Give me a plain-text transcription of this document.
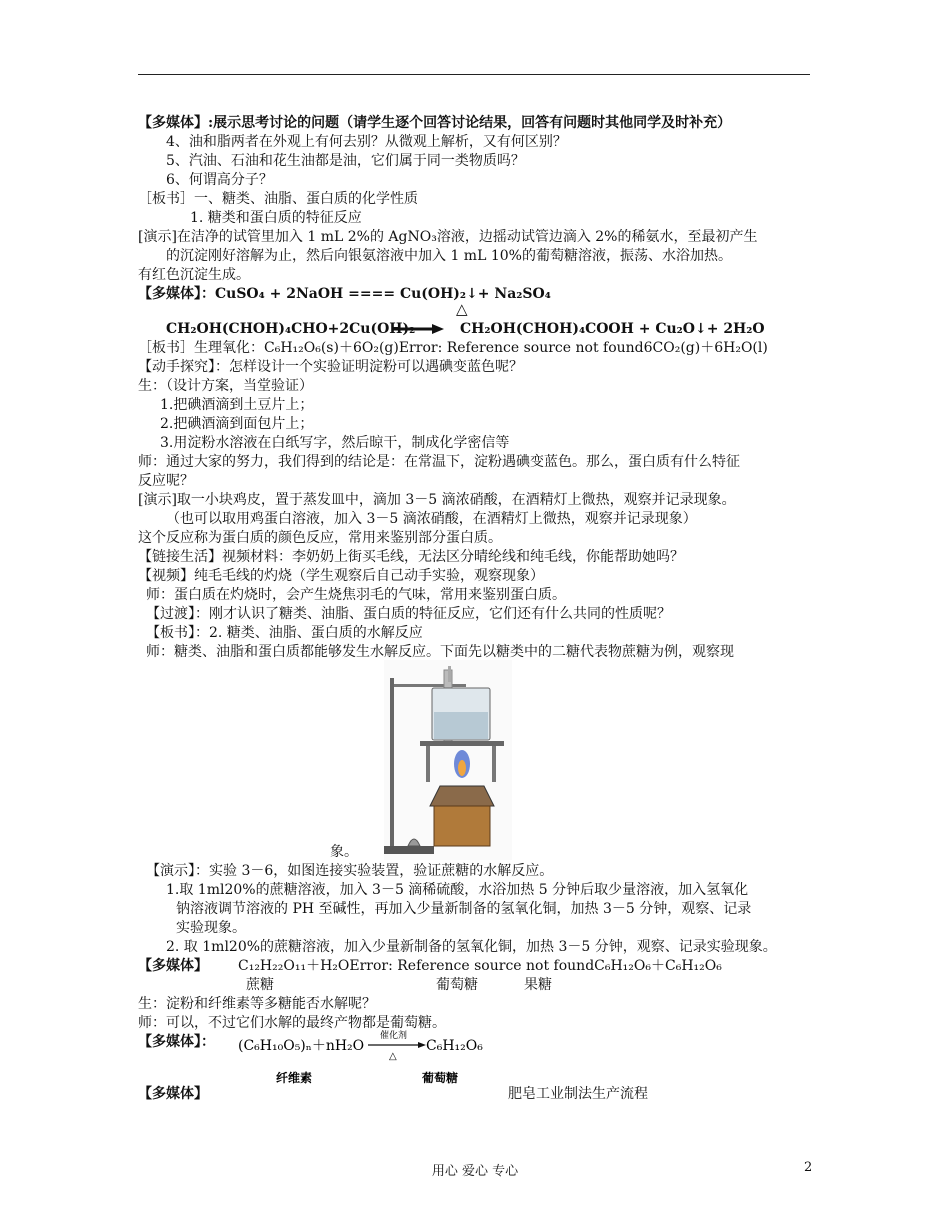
【多媒体】:展示思考讨论的问题（请学生逐个回答讨论结果，回答有问题时其他同学及时补充）
4、油和脂两者在外观上有何去别？从微观上解析，又有何区别？
5、汽油、石油和花生油都是油，它们属于同一类物质吗？
6、何谓高分子？
［板书］一、糖类、油脂、蛋白质的化学性质
1. 糖类和蛋白质的特征反应
[演示]在洁净的试管里加入 1 mL 2%的 AgNO₃溶液，边摇动试管边滴入 2%的稀氨水，至最初产生
的沉淀刚好溶解为止，然后向银氨溶液中加入 1 mL 10%的葡萄糖溶液，振荡、水浴加热。
有红色沉淀生成。
【多媒体】：CuSO₄ + 2NaOH ==== Cu(OH)₂↓+ Na₂SO₄
△
CH₂OH(CHOH)₄CHO+2Cu(OH)₂ → CH₂OH(CHOH)₄COOH + Cu₂O↓+ 2H₂O
［板书］生理氧化：C₆H₁₂O₆(s)＋6O₂(g)Error: Reference source not found6CO₂(g)＋6H₂O(l)
【动手探究】：怎样设计一个实验证明淀粉可以遇碘变蓝色呢？
生：（设计方案，当堂验证）
1.把碘酒滴到土豆片上；
2.把碘酒滴到面包片上；
3.用淀粉水溶液在白纸写字，然后晾干，制成化学密信等
师：通过大家的努力，我们得到的结论是：在常温下，淀粉遇碘变蓝色。那么，蛋白质有什么特征
反应呢？
[演示]取一小块鸡皮，置于蒸发皿中，滴加 3－5 滴浓硝酸，在酒精灯上微热，观察并记录现象。
（也可以取用鸡蛋白溶液，加入 3－5 滴浓硝酸，在酒精灯上微热，观察并记录现象）
这个反应称为蛋白质的颜色反应，常用来鉴别部分蛋白质。
【链接生活】视频材料：李奶奶上街买毛线，无法区分晴纶线和纯毛线，你能帮助她吗？
【视频】纯毛毛线的灼烧（学生观察后自己动手实验，观察现象）
师：蛋白质在灼烧时，会产生烧焦羽毛的气味，常用来鉴别蛋白质。
【过渡】：刚才认识了糖类、油脂、蛋白质的特征反应，它们还有什么共同的性质呢？
【板书】：2. 糖类、油脂、蛋白质的水解反应
师：糖类、油脂和蛋白质都能够发生水解反应。下面先以糖类中的二糖代表物蔗糖为例，观察现
象。
【演示】：实验 3－6，如图连接实验装置，验证蔗糖的水解反应。
1.取 1ml20%的蔗糖溶液，加入 3－5 滴稀硫酸，水浴加热 5 分钟后取少量溶液，加入氢氧化
钠溶液调节溶液的 PH 至碱性，再加入少量新制备的氢氧化铜，加热 3－5 分钟，观察、记录
实验现象。
2. 取 1ml20%的蔗糖溶液，加入少量新制备的氢氧化铜，加热 3－5 分钟，观察、记录实验现象。
【多媒体】 C₁₂H₂₂O₁₁＋H₂OError: Reference source not foundC₆H₁₂O₆＋C₆H₁₂O₆
蔗糖	葡萄糖	果糖
生：淀粉和纤维素等多糖能否水解呢？
师：可以，不过它们水解的最终产物都是葡萄糖。
【多媒体】： (C₆H₁₀O₅)ₙ＋nH₂O
催化剂
△
C₆H₁₂O₆
纤维素	葡萄糖
【多媒体】	肥皂工业制法生产流程
用心 爱心 专心	2
